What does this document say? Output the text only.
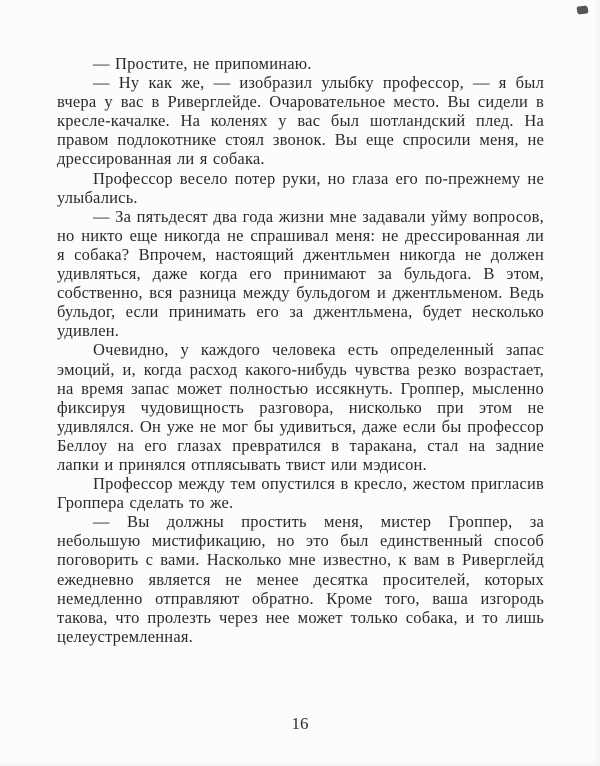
— Простите, не припоминаю.

— Ну как же, — изобразил улыбку профессор, — я был вчера у вас в Риверглейде. Очаровательное место. Вы сидели в кресле-качалке. На коленях у вас был шотландский плед. На правом подлокотнике стоял звонок. Вы еще спросили меня, не дрессированная ли я собака.

Профессор весело потер руки, но глаза его по-прежнему не улыбались.

— За пятьдесят два года жизни мне задавали уйму вопросов, но никто еще никогда не спрашивал меня: не дрессированная ли я собака? Впрочем, настоящий джентльмен никогда не должен удивляться, даже когда его принимают за бульдога. В этом, собственно, вся разница между бульдогом и джентльменом. Ведь бульдог, если принимать его за джентльмена, будет несколько удивлен.

Очевидно, у каждого человека есть определенный запас эмоций, и, когда расход какого-нибудь чувства резко возрастает, на время запас может полностью иссякнуть. Гроппер, мысленно фиксируя чудовищность разговора, нисколько при этом не удивлялся. Он уже не мог бы удивиться, даже если бы профессор Беллоу на его глазах превратился в таракана, стал на задние лапки и принялся отплясывать твист или мэдисон.

Профессор между тем опустился в кресло, жестом пригласив Гроппера сделать то же.

— Вы должны простить меня, мистер Гроппер, за небольшую мистификацию, но это был единственный способ поговорить с вами. Насколько мне известно, к вам в Риверглейд ежедневно является не менее десятка просителей, которых немедленно отправляют обратно. Кроме того, ваша изгородь такова, что пролезть через нее может только собака, и то лишь целеустремленная.

16
